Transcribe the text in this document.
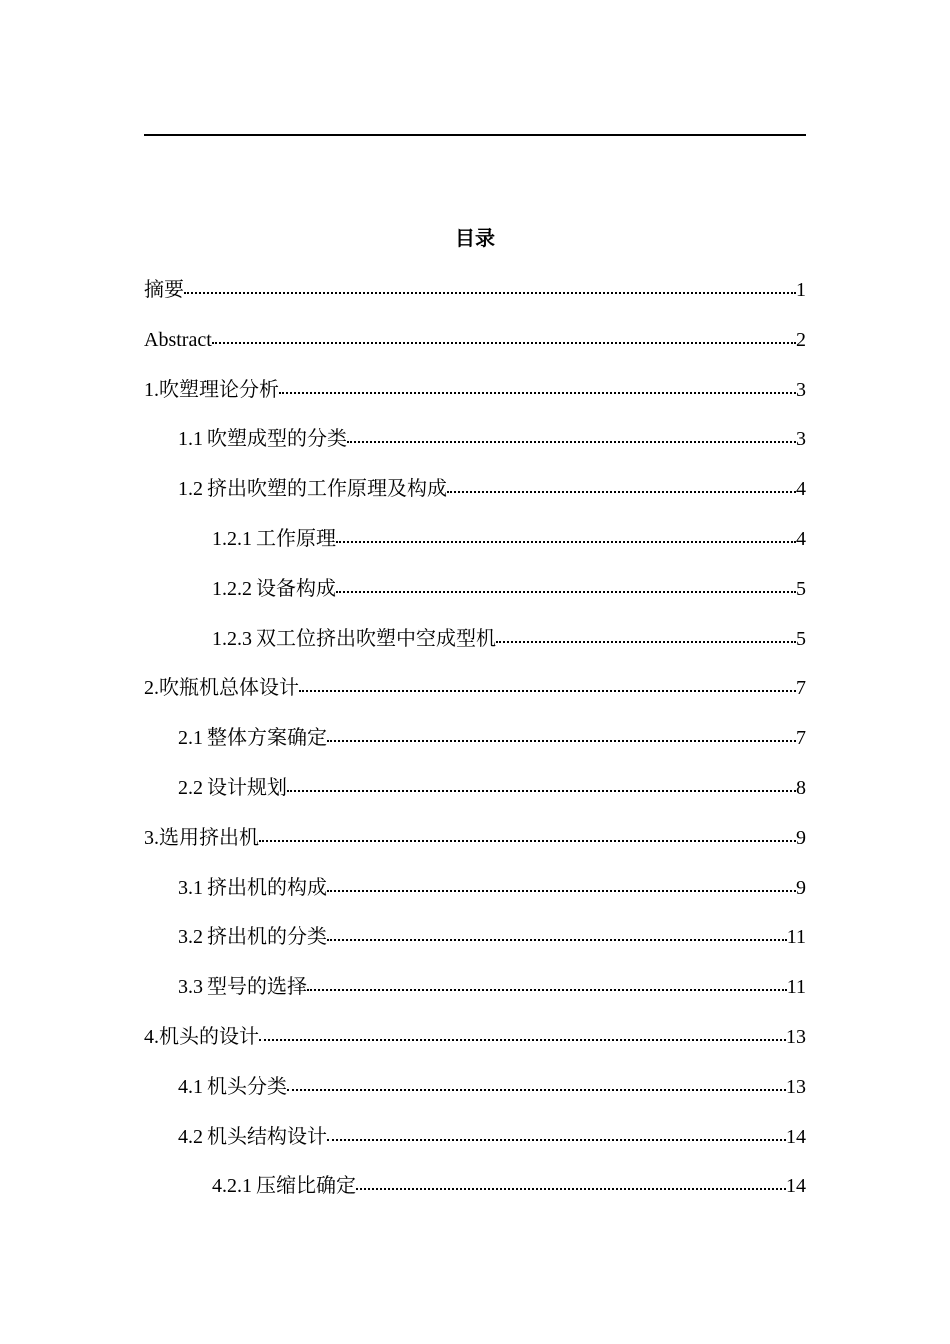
目录
摘要	1
Abstract	2
1.吹塑理论分析	3
1.1 吹塑成型的分类	3
1.2 挤出吹塑的工作原理及构成	4
1.2.1 工作原理	4
1.2.2 设备构成	5
1.2.3 双工位挤出吹塑中空成型机	5
2.吹瓶机总体设计	7
2.1 整体方案确定	7
2.2 设计规划	8
3.选用挤出机	9
3.1 挤出机的构成	9
3.2 挤出机的分类	11
3.3 型号的选择	11
4.机头的设计	13
4.1 机头分类	13
4.2 机头结构设计	14
4.2.1 压缩比确定	14
